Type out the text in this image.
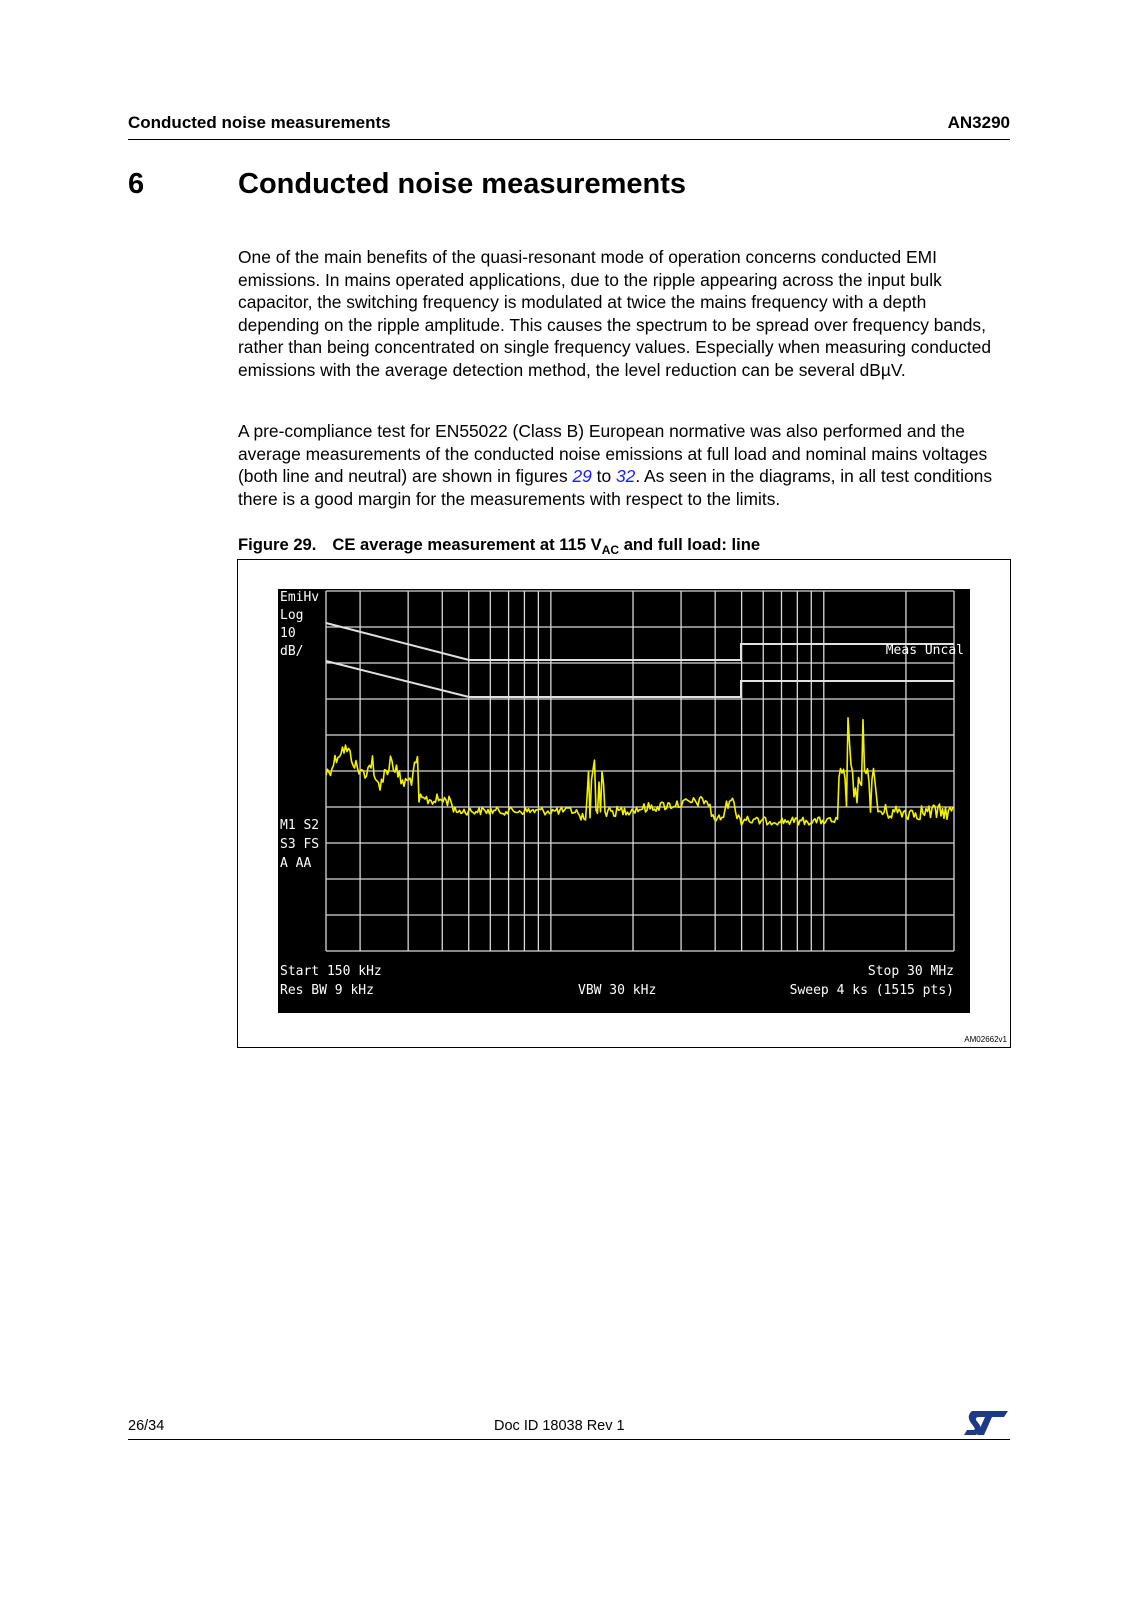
Conducted noise measurements	AN3290
6	Conducted noise measurements

One of the main benefits of the quasi-resonant mode of operation concerns conducted EMI emissions. In mains operated applications, due to the ripple appearing across the input bulk capacitor, the switching frequency is modulated at twice the mains frequency with a depth depending on the ripple amplitude. This causes the spectrum to be spread over frequency bands, rather than being concentrated on single frequency values. Especially when measuring conducted emissions with the average detection method, the level reduction can be several dBµV.

A pre-compliance test for EN55022 (Class B) European normative was also performed and the average measurements of the conducted noise emissions at full load and nominal mains voltages (both line and neutral) are shown in figures 29 to 32. As seen in the diagrams, in all test conditions there is a good margin for the measurements with respect to the limits.

Figure 29. CE average measurement at 115 $V_{AC}$ and full load: line
EmiHv
Log
10
dB/
M1 S2
S3 FS
A AA
Meas Uncal
Start 150 kHz	Stop 30 MHz
Res BW 9 kHz	VBW 30 kHz	Sweep 4 ks (1515 pts)
AM02662v1
26/34	Doc ID 18038 Rev 1
